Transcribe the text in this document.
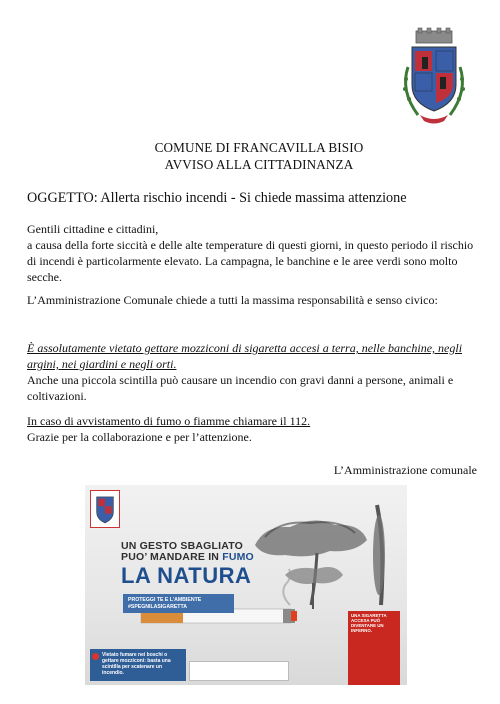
COMUNE DI FRANCAVILLA BISIO
AVVISO ALLA CITTADINANZA
OGGETTO: Allerta rischio incendi - Si chiede massima attenzione
Gentili cittadine e cittadini,
a causa della forte siccità e delle alte temperature di questi giorni, in questo periodo il rischio di incendi è particolarmente elevato. La campagna, le banchine e le aree verdi sono molto secche.
L’Amministrazione Comunale chiede a tutti la massima responsabilità e senso civico:
È assolutamente vietato gettare mozziconi di sigaretta accesi a terra, nelle banchine, negli argini, nei giardini e negli orti.
Anche una piccola scintilla può causare un incendio con gravi danni a persone, animali e coltivazioni.
In caso di avvistamento di fumo o fiamme chiamare il 112.
Grazie per la collaborazione e per l’attenzione.
L’Amministrazione comunale
UN GESTO SBAGLIATO
PUO’ MANDARE IN FUMO
LA NATURA
PROTEGGI TE E L’AMBIENTE
#SPEGNILASIGARETTA
Vietato fumare nei boschi o gettare mozziconi: basta una scintilla per scatenare un incendio.
UNA SIGARETTA ACCESA PUÒ DIVENTARE UN INFERNO.
